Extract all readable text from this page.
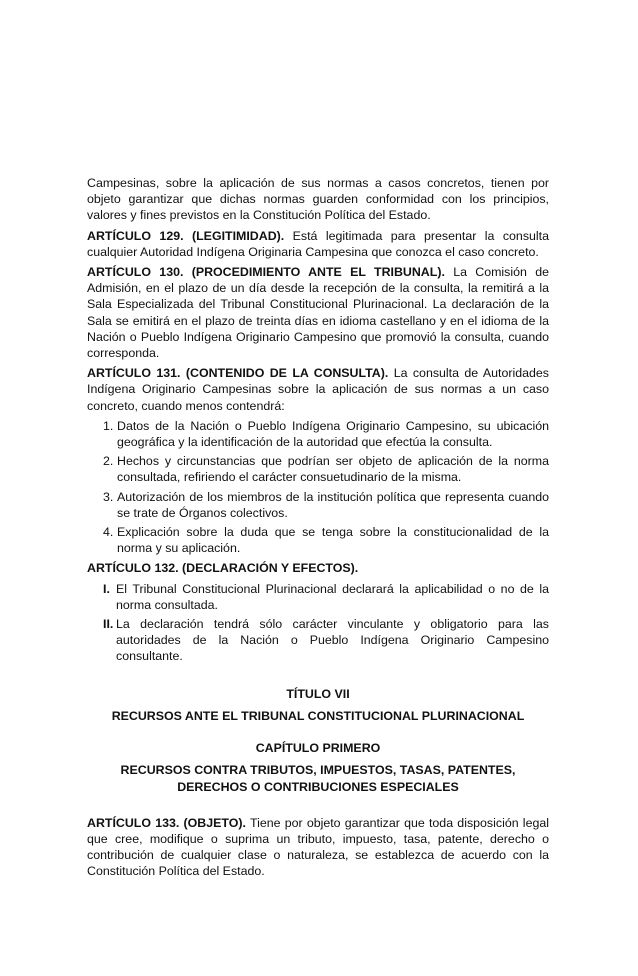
Campesinas, sobre la aplicación de sus normas a casos concretos, tienen por objeto garantizar que dichas normas guarden conformidad con los principios, valores y fines previstos en la Constitución Política del Estado.

ARTÍCULO 129. (LEGITIMIDAD). Está legitimada para presentar la consulta cualquier Autoridad Indígena Originaria Campesina que conozca el caso concreto.

ARTÍCULO 130. (PROCEDIMIENTO ANTE EL TRIBUNAL). La Comisión de Admisión, en el plazo de un día desde la recepción de la consulta, la remitirá a la Sala Especializada del Tribunal Constitucional Plurinacional. La declaración de la Sala se emitirá en el plazo de treinta días en idioma castellano y en el idioma de la Nación o Pueblo Indígena Originario Campesino que promovió la consulta, cuando corresponda.

ARTÍCULO 131. (CONTENIDO DE LA CONSULTA). La consulta de Autoridades Indígena Originario Campesinas sobre la aplicación de sus normas a un caso concreto, cuando menos contendrá:

1. Datos de la Nación o Pueblo Indígena Originario Campesino, su ubicación geográfica y la identificación de la autoridad que efectúa la consulta.
2. Hechos y circunstancias que podrían ser objeto de aplicación de la norma consultada, refiriendo el carácter consuetudinario de la misma.
3. Autorización de los miembros de la institución política que representa cuando se trate de Órganos colectivos.
4. Explicación sobre la duda que se tenga sobre la constitucionalidad de la norma y su aplicación.

ARTÍCULO 132. (DECLARACIÓN Y EFECTOS).

I. El Tribunal Constitucional Plurinacional declarará la aplicabilidad o no de la norma consultada.
II. La declaración tendrá sólo carácter vinculante y obligatorio para las autoridades de la Nación o Pueblo Indígena Originario Campesino consultante.
TÍTULO VII
RECURSOS ANTE EL TRIBUNAL CONSTITUCIONAL PLURINACIONAL
CAPÍTULO PRIMERO
RECURSOS CONTRA TRIBUTOS, IMPUESTOS, TASAS, PATENTES,
DERECHOS O CONTRIBUCIONES ESPECIALES

ARTÍCULO 133. (OBJETO). Tiene por objeto garantizar que toda disposición legal que cree, modifique o suprima un tributo, impuesto, tasa, patente, derecho o contribución de cualquier clase o naturaleza, se establezca de acuerdo con la Constitución Política del Estado.
